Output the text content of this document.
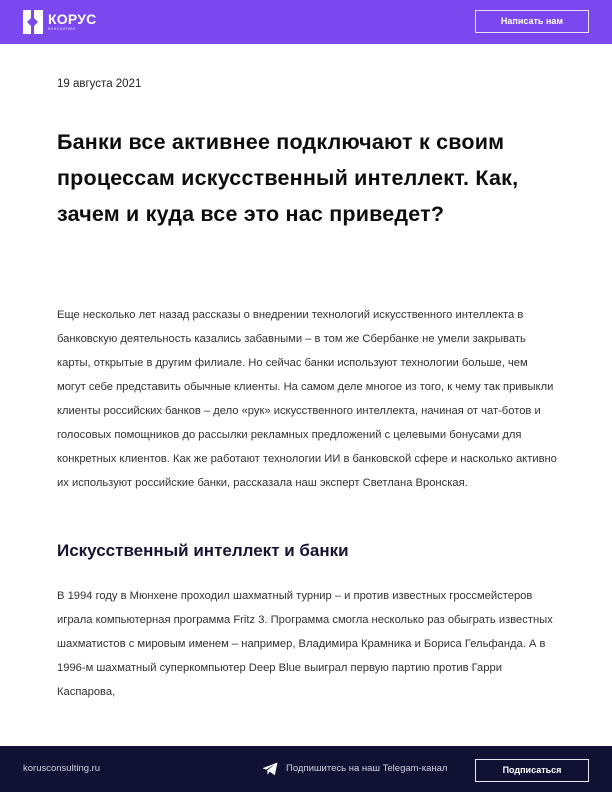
КОРУС
КОНСАЛТИНГ
Написать нам
19 августа 2021
Банки все активнее подключают к своим процессам искусственный интеллект. Как, зачем и куда все это нас приведет?

Еще несколько лет назад рассказы о внедрении технологий искусственного интеллекта в банковскую деятельность казались забавными – в том же Сбербанке не умели закрывать карты, открытые в другим филиале. Но сейчас банки используют технологии больше, чем могут себе представить обычные клиенты. На самом деле многое из того, к чему так привыкли клиенты российских банков – дело «рук» искусственного интеллекта, начиная от чат-ботов и голосовых помощников до рассылки рекламных предложений с целевыми бонусами для конкретных клиентов. Как же работают технологии ИИ в банковской сфере и насколько активно их используют российские банки, рассказала наш эксперт Светлана Вронская.

Искусственный интеллект и банки

В 1994 году в Мюнхене проходил шахматный турнир – и против известных гроссмейстеров играла компьютерная программа Fritz 3. Программа смогла несколько раз обыграть известных шахматистов с мировым именем – например, Владимира Крамника и Бориса Гельфанда. А в 1996-м шахматный суперкомпьютер Deep Blue выиграл первую партию против Гарри Каспарова,

korusconsulting.ru	Подпишитесь на наш Telegam-канал	Подписаться
